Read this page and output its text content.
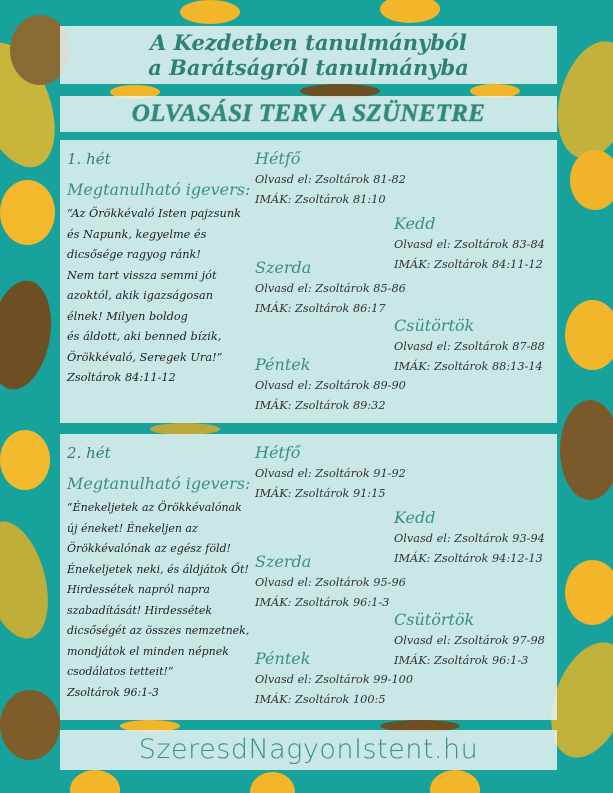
A Kezdetben tanulmányból
a Barátságról tanulmányba
OLVASÁSI TERV A SZÜNETRE
1. hét
Megtanulható igevers:
“Az Örökkévaló Isten pajzsunk
és Napunk, kegyelme és
dicsősége ragyog ránk!
Nem tart vissza semmi jót
azoktól, akik igazságosan
élnek! Milyen boldog
és áldott, aki benned bízik,
Örökkévaló, Seregek Ura!”
Zsoltárok 84:11-12
Hétfő
Olvasd el: Zsoltárok 81-82
IMÁK: Zsoltárok 81:10
Kedd
Olvasd el: Zsoltárok 83-84
IMÁK: Zsoltárok 84:11-12
Szerda
Olvasd el: Zsoltárok 85-86
IMÁK: Zsoltárok 86:17
Csütörtök
Olvasd el: Zsoltárok 87-88
IMÁK: Zsoltárok 88:13-14
Péntek
Olvasd el: Zsoltárok 89-90
IMÁK: Zsoltárok 89:32
2. hét
Megtanulható igevers:
“Énekeljetek az Örökkévalónak
új éneket! Énekeljen az
Örökkévalónak az egész föld!
Énekeljetek neki, és áldjátok Őt!
Hirdessétek napról napra
szabadítását! Hirdessétek
dicsőségét az összes nemzetnek,
mondjátok el minden népnek
csodálatos tetteit!”
Zsoltárok 96:1-3
Hétfő
Olvasd el: Zsoltárok 91-92
IMÁK: Zsoltárok 91:15
Kedd
Olvasd el: Zsoltárok 93-94
IMÁK: Zsoltárok 94:12-13
Szerda
Olvasd el: Zsoltárok 95-96
IMÁK: Zsoltárok 96:1-3
Csütörtök
Olvasd el: Zsoltárok 97-98
IMÁK: Zsoltárok 96:1-3
Péntek
Olvasd el: Zsoltárok 99-100
IMÁK: Zsoltárok 100:5
SzeresdNagyonIstent.hu
